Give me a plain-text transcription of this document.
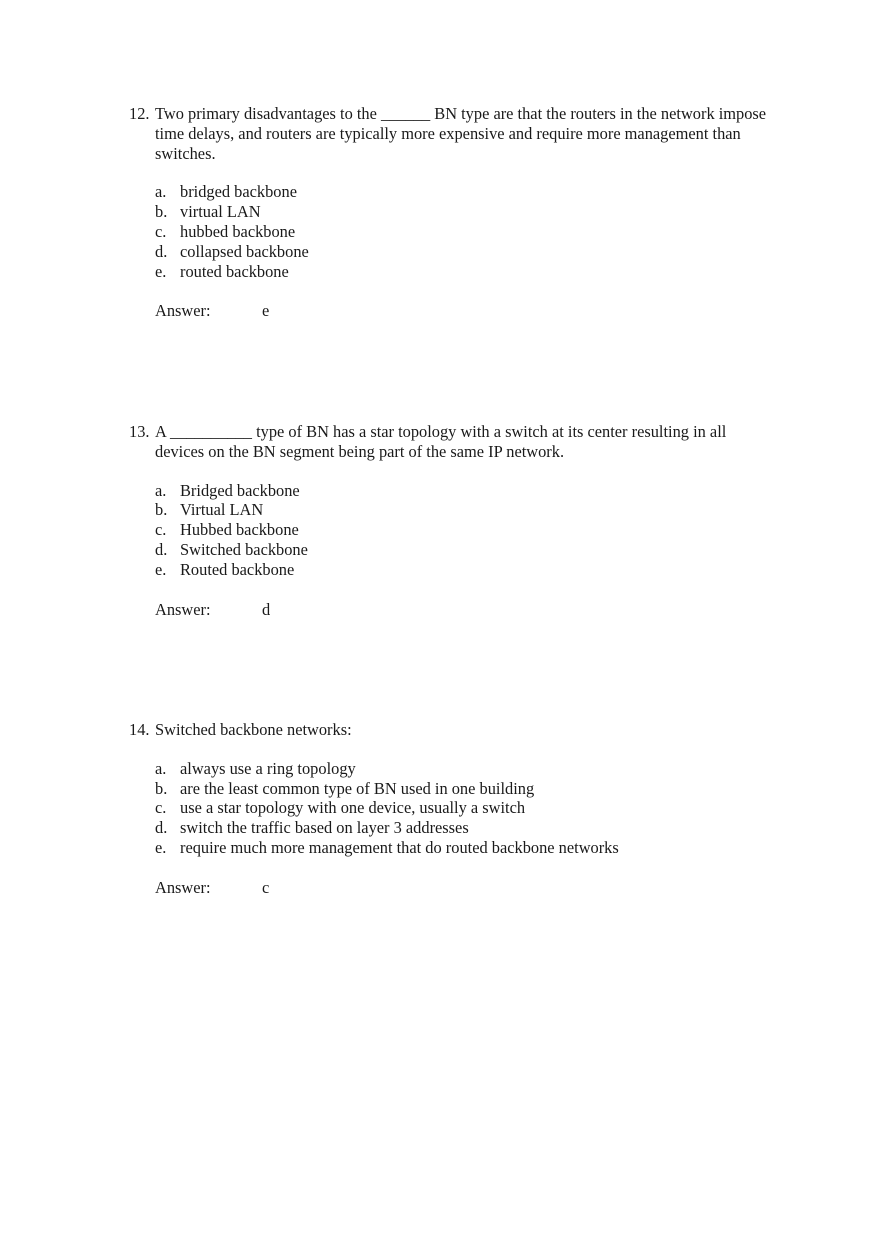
12. Two primary disadvantages to the ______ BN type are that the routers in the network impose time delays, and routers are typically more expensive and require more management than switches.
a. bridged backbone
b. virtual LAN
c. hubbed backbone
d. collapsed backbone
e. routed backbone
Answer:	e
13. A __________ type of BN has a star topology with a switch at its center resulting in all devices on the BN segment being part of the same IP network.
a. Bridged backbone
b. Virtual LAN
c. Hubbed backbone
d. Switched backbone
e. Routed backbone
Answer:	d
14. Switched backbone networks:
a. always use a ring topology
b. are the least common type of BN used in one building
c. use a star topology with one device, usually a switch
d. switch the traffic based on layer 3 addresses
e. require much more management that do routed backbone networks
Answer:	c
